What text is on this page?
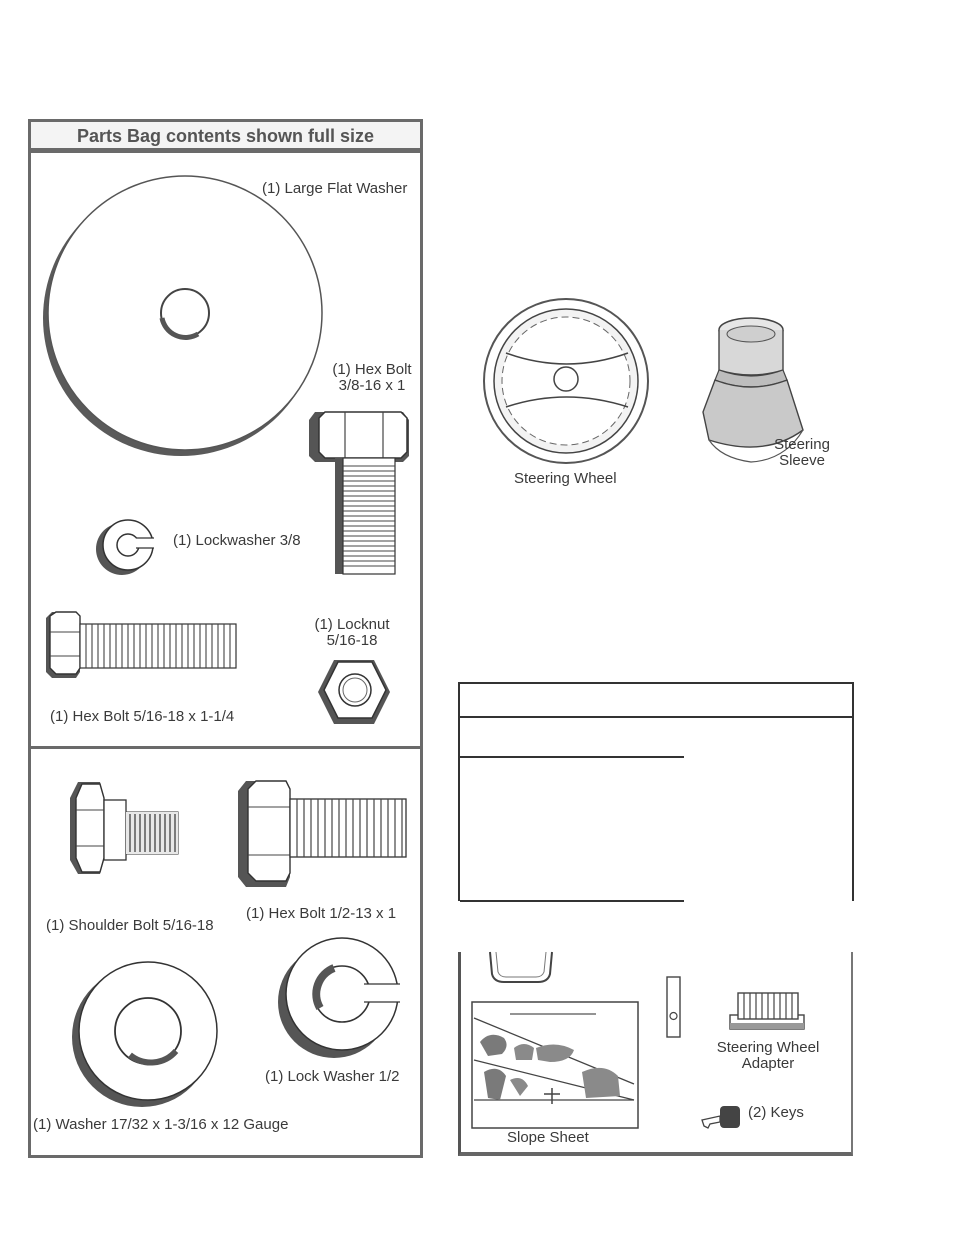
Parts Bag contents shown full size
(1) Large Flat Washer
(1) Hex Bolt
3/8-16 x 1
(1) Lockwasher 3/8
(1) Hex Bolt 5/16-18 x 1-1/4
(1) Locknut
5/16-18
(1) Shoulder Bolt 5/16-18
(1) Hex Bolt 1/2-13 x 1
(1) Washer 17/32 x 1-3/16 x 12 Gauge
(1) Lock Washer 1/2
Steering Wheel
Steering
Sleeve
Slope Sheet
Steering Wheel
Adapter
(2) Keys
